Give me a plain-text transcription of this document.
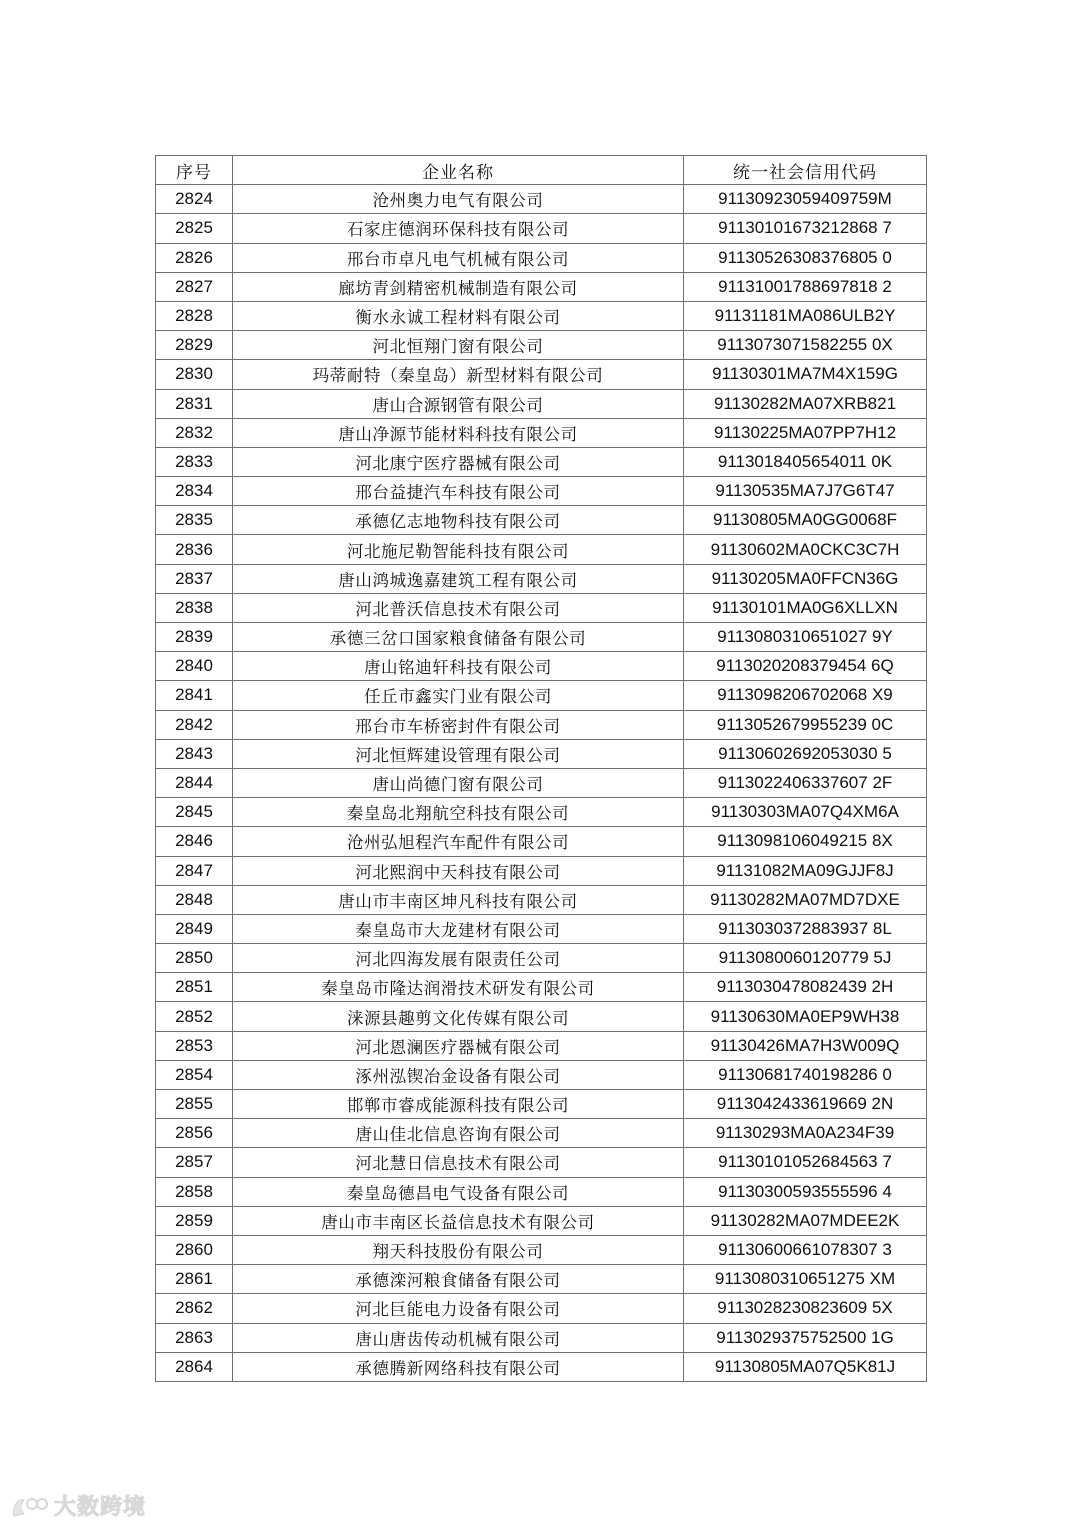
序号	企业名称	统一社会信用代码
2824	沧州奥力电气有限公司	91130923059409759M
2825	石家庄德润环保科技有限公司	91130101673212868 7
2826	邢台市卓凡电气机械有限公司	91130526308376805 0
2827	廊坊青剑精密机械制造有限公司	91131001788697818 2
2828	衡水永诚工程材料有限公司	91131181MA086ULB2Y
2829	河北恒翔门窗有限公司	9113073071582255 0X
2830	玛蒂耐特（秦皇岛）新型材料有限公司	91130301MA7M4X159G
2831	唐山合源钢管有限公司	91130282MA07XRB821
2832	唐山净源节能材料科技有限公司	91130225MA07PP7H12
2833	河北康宁医疗器械有限公司	9113018405654011 0K
2834	邢台益捷汽车科技有限公司	91130535MA7J7G6T47
2835	承德亿志地物科技有限公司	91130805MA0GG0068F
2836	河北施尼勒智能科技有限公司	91130602MA0CKC3C7H
2837	唐山鸿城逸嘉建筑工程有限公司	91130205MA0FFCN36G
2838	河北普沃信息技术有限公司	91130101MA0G6XLLXN
2839	承德三岔口国家粮食储备有限公司	9113080310651027 9Y
2840	唐山铭迪轩科技有限公司	9113020208379454 6Q
2841	任丘市鑫实门业有限公司	9113098206702068 X9
2842	邢台市车桥密封件有限公司	9113052679955239 0C
2843	河北恒辉建设管理有限公司	91130602692053030 5
2844	唐山尚德门窗有限公司	9113022406337607 2F
2845	秦皇岛北翔航空科技有限公司	91130303MA07Q4XM6A
2846	沧州弘旭程汽车配件有限公司	9113098106049215 8X
2847	河北熙润中天科技有限公司	91131082MA09GJJF8J
2848	唐山市丰南区坤凡科技有限公司	91130282MA07MD7DXE
2849	秦皇岛市大龙建材有限公司	9113030372883937 8L
2850	河北四海发展有限责任公司	9113080060120779 5J
2851	秦皇岛市隆达润滑技术研发有限公司	9113030478082439 2H
2852	涞源县趣剪文化传媒有限公司	91130630MA0EP9WH38
2853	河北恩澜医疗器械有限公司	91130426MA7H3W009Q
2854	涿州泓锲冶金设备有限公司	91130681740198286 0
2855	邯郸市睿成能源科技有限公司	9113042433619669 2N
2856	唐山佳北信息咨询有限公司	91130293MA0A234F39
2857	河北慧日信息技术有限公司	91130101052684563 7
2858	秦皇岛德昌电气设备有限公司	91130300593555596 4
2859	唐山市丰南区长益信息技术有限公司	91130282MA07MDEE2K
2860	翔天科技股份有限公司	91130600661078307 3
2861	承德滦河粮食储备有限公司	9113080310651275 XM
2862	河北巨能电力设备有限公司	9113028230823609 5X
2863	唐山唐齿传动机械有限公司	9113029375752500 1G
2864	承德腾新网络科技有限公司	91130805MA07Q5K81J
大数跨境
